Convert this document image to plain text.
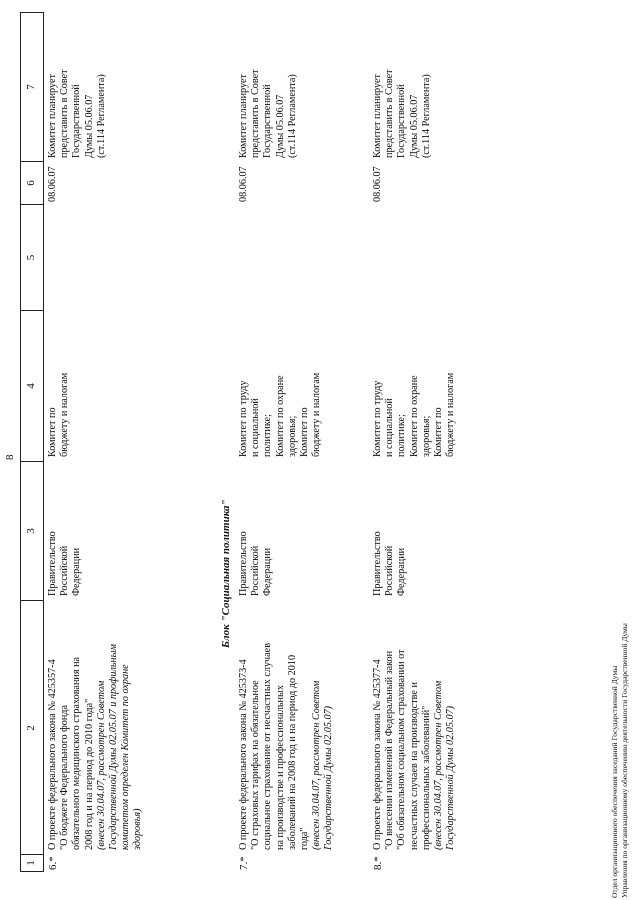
8
1
2
3
4
5
6
7
6.*
О проекте федерального закона № 425357-4
"О бюджете Федерального фонда
обязательного медицинского страхования на
2008 год и на период до 2010 года"
(внесен 30.04.07, рассмотрен Советом
Государственной Думы 02.05.07 и профильным
комитетом определен Комитет по охране
здоровья)
Правительство
Российской
Федерации
Комитет по
бюджету и налогам
08.06.07
Комитет планирует
представить в Совет
Государственной
Думы 05.06.07
(ст.114 Регламента)
Блок "Социальная политика"
7.*
О проекте федерального закона № 425373-4
"О страховых тарифах на обязательное
социальное страхование от несчастных случаев
на производстве и профессиональных
заболеваний на 2008 год и на период до 2010
года"
(внесен 30.04.07, рассмотрен Советом
Государственной Думы 02.05.07)
Правительство
Российской
Федерации
Комитет по труду
и социальной
политике;
Комитет по охране
здоровья;
Комитет по
бюджету и налогам
08.06.07
Комитет планирует
представить в Совет
Государственной
Думы 05.06.07
(ст.114 Регламента)
8.*
О проекте федерального закона № 425377-4
"О внесении изменений в Федеральный закон
"Об обязательном социальном страховании от
несчастных случаев на производстве и
профессиональных заболеваний"
(внесен 30.04.07, рассмотрен Советом
Государственной Думы 02.05.07)
Правительство
Российской
Федерации
Комитет по труду
и социальной
политике;
Комитет по охране
здоровья;
Комитет по
бюджету и налогам
08.06.07
Комитет планирует
представить в Совет
Государственной
Думы 05.06.07
(ст.114 Регламента)
Отдел организационного обеспечения заседаний Государственной Думы Управления по организационному обеспечению деятельности Государственной Думы
